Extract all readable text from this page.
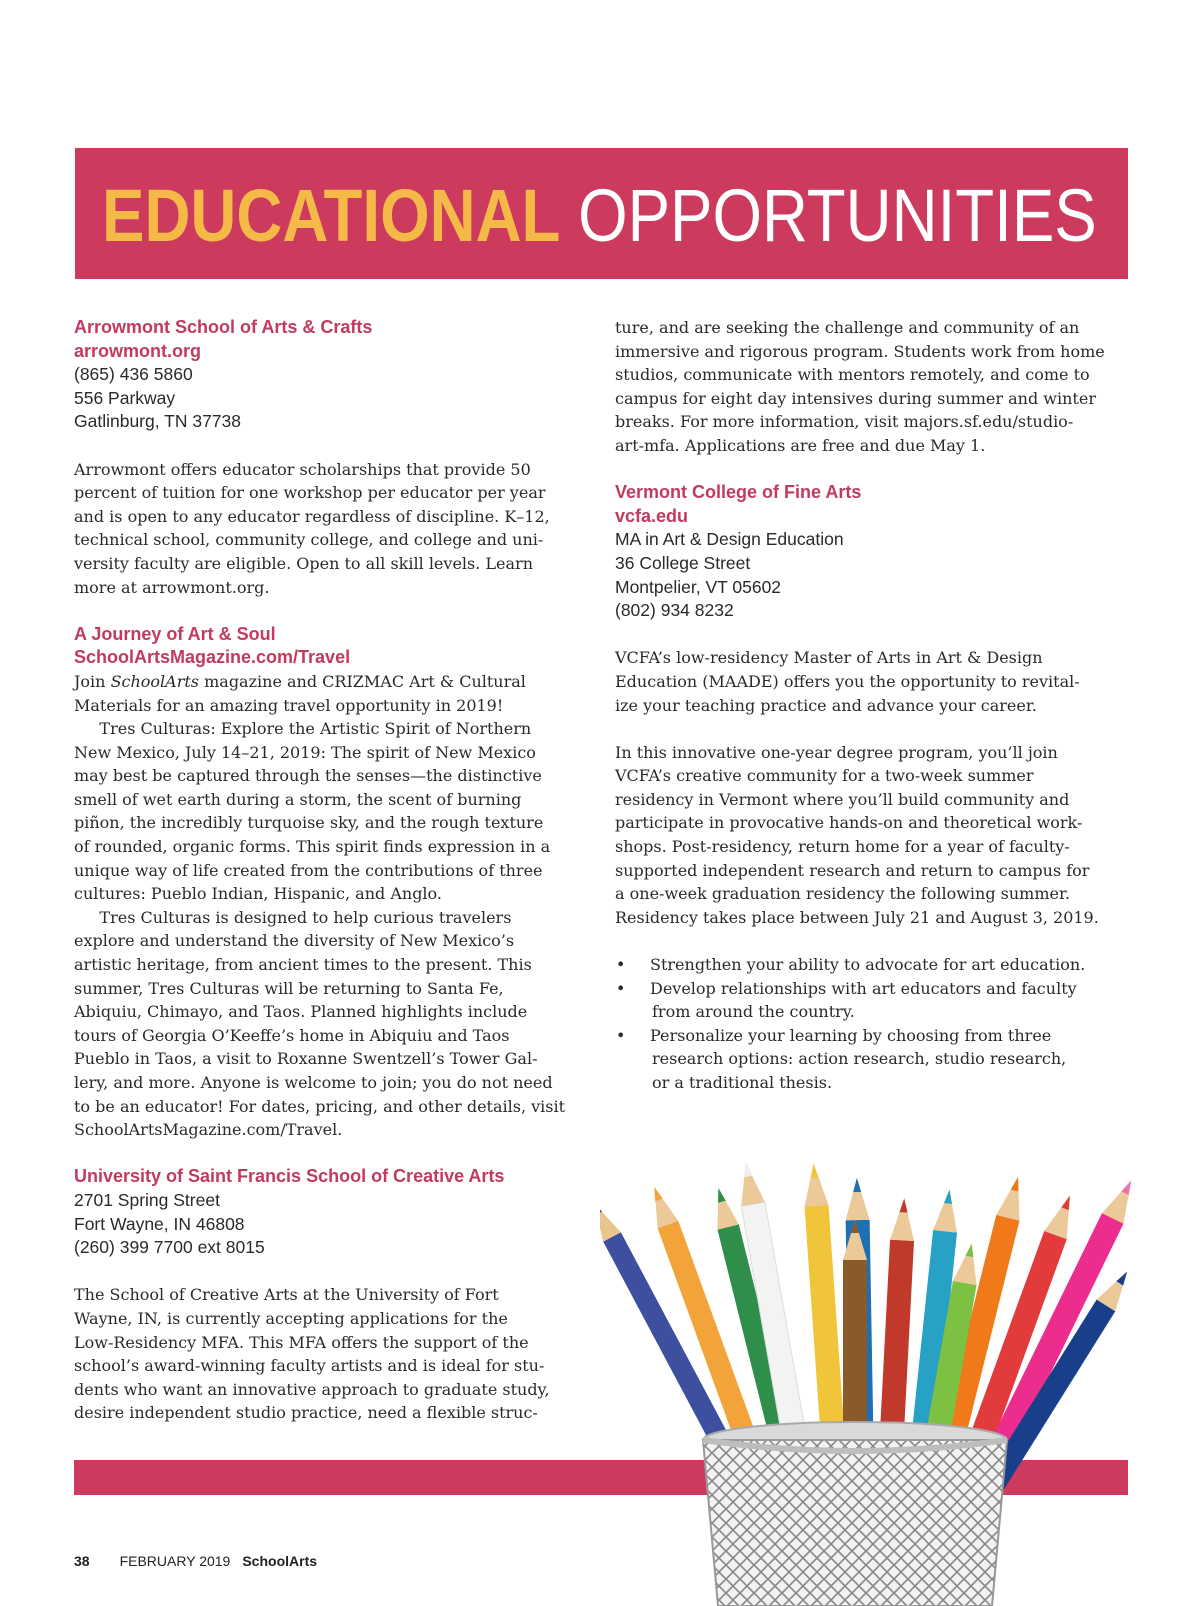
EDUCATIONAL OPPORTUNITIES

Arrowmont School of Arts & Crafts

arrowmont.org

(865) 436 5860

556 Parkway

Gatlinburg, TN 37738

Arrowmont offers educator scholarships that provide 50

percent of tuition for one workshop per educator per year

and is open to any educator regardless of discipline. K–12,

technical school, community college, and college and uni-

versity faculty are eligible. Open to all skill levels. Learn

more at arrowmont.org.

A Journey of Art & Soul

SchoolArtsMagazine.com/Travel

Join SchoolArts magazine and CRIZMAC Art & Cultural

Materials for an amazing travel opportunity in 2019!

Tres Culturas: Explore the Artistic Spirit of Northern

New Mexico, July 14–21, 2019: The spirit of New Mexico

may best be captured through the senses—the distinctive

smell of wet earth during a storm, the scent of burning

piñon, the incredibly turquoise sky, and the rough texture

of rounded, organic forms. This spirit finds expression in a

unique way of life created from the contributions of three

cultures: Pueblo Indian, Hispanic, and Anglo.

Tres Culturas is designed to help curious travelers

explore and understand the diversity of New Mexico’s

artistic heritage, from ancient times to the present. This

summer, Tres Culturas will be returning to Santa Fe,

Abiquiu, Chimayo, and Taos. Planned highlights include

tours of Georgia O’Keeffe’s home in Abiquiu and Taos

Pueblo in Taos, a visit to Roxanne Swentzell’s Tower Gal-

lery, and more. Anyone is welcome to join; you do not need

to be an educator! For dates, pricing, and other details, visit

SchoolArtsMagazine.com/Travel.

University of Saint Francis School of Creative Arts

2701 Spring Street

Fort Wayne, IN 46808

(260) 399 7700 ext 8015

The School of Creative Arts at the University of Fort

Wayne, IN, is currently accepting applications for the

Low-Residency MFA. This MFA offers the support of the

school’s award-winning faculty artists and is ideal for stu-

dents who want an innovative approach to graduate study,

desire independent studio practice, need a flexible struc-

ture, and are seeking the challenge and community of an

immersive and rigorous program. Students work from home

studios, communicate with mentors remotely, and come to

campus for eight day intensives during summer and winter

breaks. For more information, visit majors.sf.edu/studio-

art-mfa. Applications are free and due May 1.

Vermont College of Fine Arts

vcfa.edu

MA in Art & Design Education

36 College Street

Montpelier, VT 05602

(802) 934 8232

VCFA’s low-residency Master of Arts in Art & Design

Education (MAADE) offers you the opportunity to revital-

ize your teaching practice and advance your career.

In this innovative one-year degree program, you’ll join

VCFA’s creative community for a two-week summer

residency in Vermont where you’ll build community and

participate in provocative hands-on and theoretical work-

shops. Post-residency, return home for a year of faculty-

supported independent research and return to campus for

a one-week graduation residency the following summer.

Residency takes place between July 21 and August 3, 2019.

• Strengthen your ability to advocate for art education.
• Develop relationships with art educators and faculty
from around the country.
• Personalize your learning by choosing from three
research options: action research, studio research,
or a traditional thesis.
38 FEBRUARY 2019 SchoolArts
